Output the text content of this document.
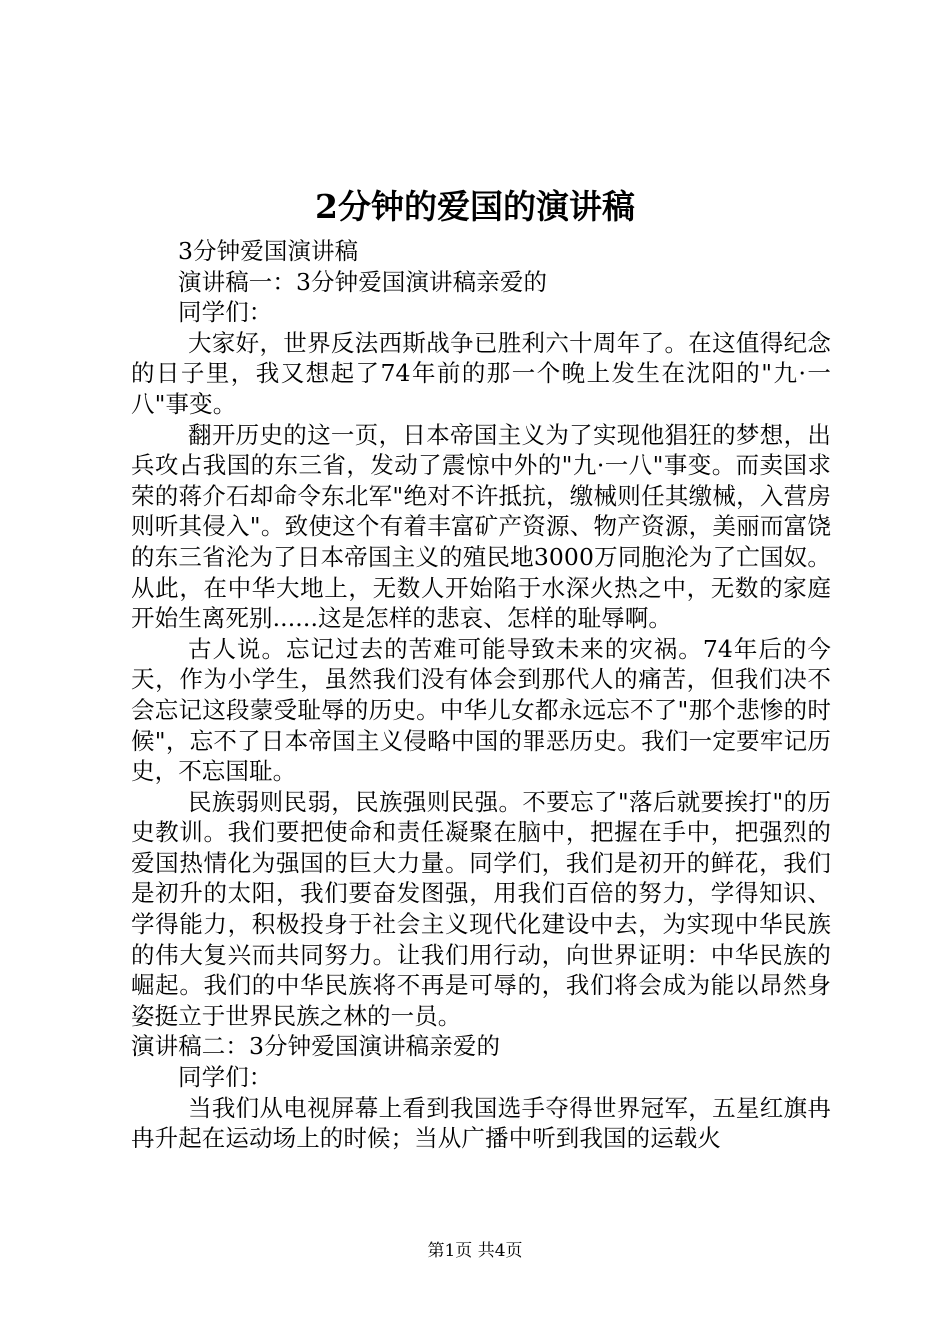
2分钟的爱国的演讲稿

3分钟爱国演讲稿

演讲稿一：3分钟爱国演讲稿亲爱的

同学们：

大家好，世界反法西斯战争已胜利六十周年了。在这值得纪念的日子里，我又想起了74年前的那一个晚上发生在沈阳的"九·一八"事变。

翻开历史的这一页，日本帝国主义为了实现他猖狂的梦想，出兵攻占我国的东三省，发动了震惊中外的"九·一八"事变。而卖国求荣的蒋介石却命令东北军"绝对不许抵抗，缴械则任其缴械，入营房则听其侵入"。致使这个有着丰富矿产资源、物产资源，美丽而富饶的东三省沦为了日本帝国主义的殖民地3000万同胞沦为了亡国奴。从此，在中华大地上，无数人开始陷于水深火热之中，无数的家庭开始生离死别......这是怎样的悲哀、怎样的耻辱啊。

古人说。忘记过去的苦难可能导致未来的灾祸。74年后的今天，作为小学生，虽然我们没有体会到那代人的痛苦，但我们决不会忘记这段蒙受耻辱的历史。中华儿女都永远忘不了"那个悲惨的时候"，忘不了日本帝国主义侵略中国的罪恶历史。我们一定要牢记历史，不忘国耻。

民族弱则民弱，民族强则民强。不要忘了"落后就要挨打"的历史教训。我们要把使命和责任凝聚在脑中，把握在手中，把强烈的爱国热情化为强国的巨大力量。同学们，我们是初开的鲜花，我们是初升的太阳，我们要奋发图强，用我们百倍的努力，学得知识、学得能力，积极投身于社会主义现代化建设中去，为实现中华民族的伟大复兴而共同努力。让我们用行动，向世界证明：中华民族的崛起。我们的中华民族将不再是可辱的，我们将会成为能以昂然身姿挺立于世界民族之林的一员。

演讲稿二：3分钟爱国演讲稿亲爱的

同学们：

当我们从电视屏幕上看到我国选手夺得世界冠军，五星红旗冉冉升起在运动场上的时候；当从广播中听到我国的运载火

第1页 共4页
